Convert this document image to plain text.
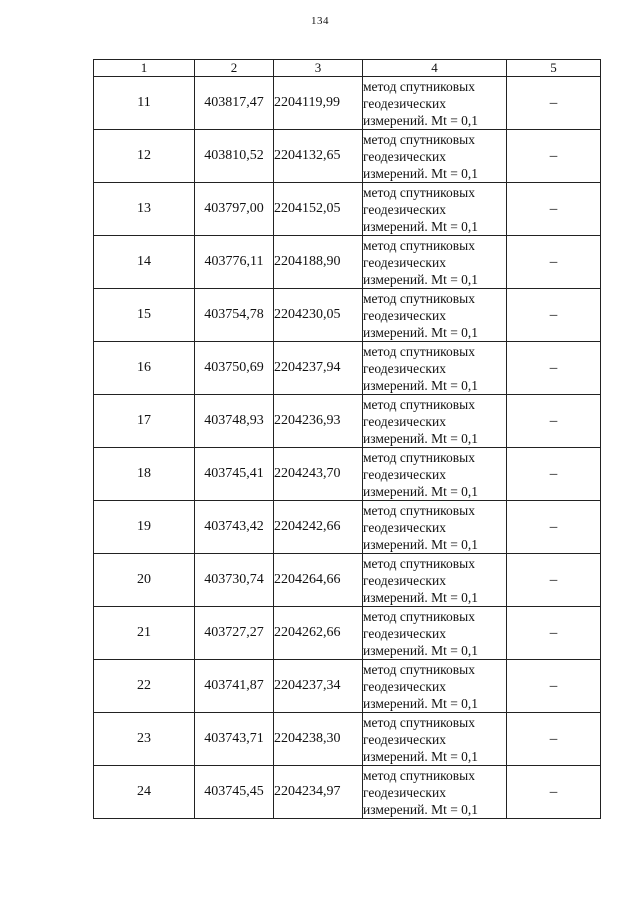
134
1	2	3	4	5
11	403817,47	2204119,99	метод спутниковых
геодезических
измерений. Mt = 0,1	–
12	403810,52	2204132,65	метод спутниковых
геодезических
измерений. Mt = 0,1	–
13	403797,00	2204152,05	метод спутниковых
геодезических
измерений. Mt = 0,1	–
14	403776,11	2204188,90	метод спутниковых
геодезических
измерений. Mt = 0,1	–
15	403754,78	2204230,05	метод спутниковых
геодезических
измерений. Mt = 0,1	–
16	403750,69	2204237,94	метод спутниковых
геодезических
измерений. Mt = 0,1	–
17	403748,93	2204236,93	метод спутниковых
геодезических
измерений. Mt = 0,1	–
18	403745,41	2204243,70	метод спутниковых
геодезических
измерений. Mt = 0,1	–
19	403743,42	2204242,66	метод спутниковых
геодезических
измерений. Mt = 0,1	–
20	403730,74	2204264,66	метод спутниковых
геодезических
измерений. Mt = 0,1	–
21	403727,27	2204262,66	метод спутниковых
геодезических
измерений. Mt = 0,1	–
22	403741,87	2204237,34	метод спутниковых
геодезических
измерений. Mt = 0,1	–
23	403743,71	2204238,30	метод спутниковых
геодезических
измерений. Mt = 0,1	–
24	403745,45	2204234,97	метод спутниковых
геодезических
измерений. Mt = 0,1	–
